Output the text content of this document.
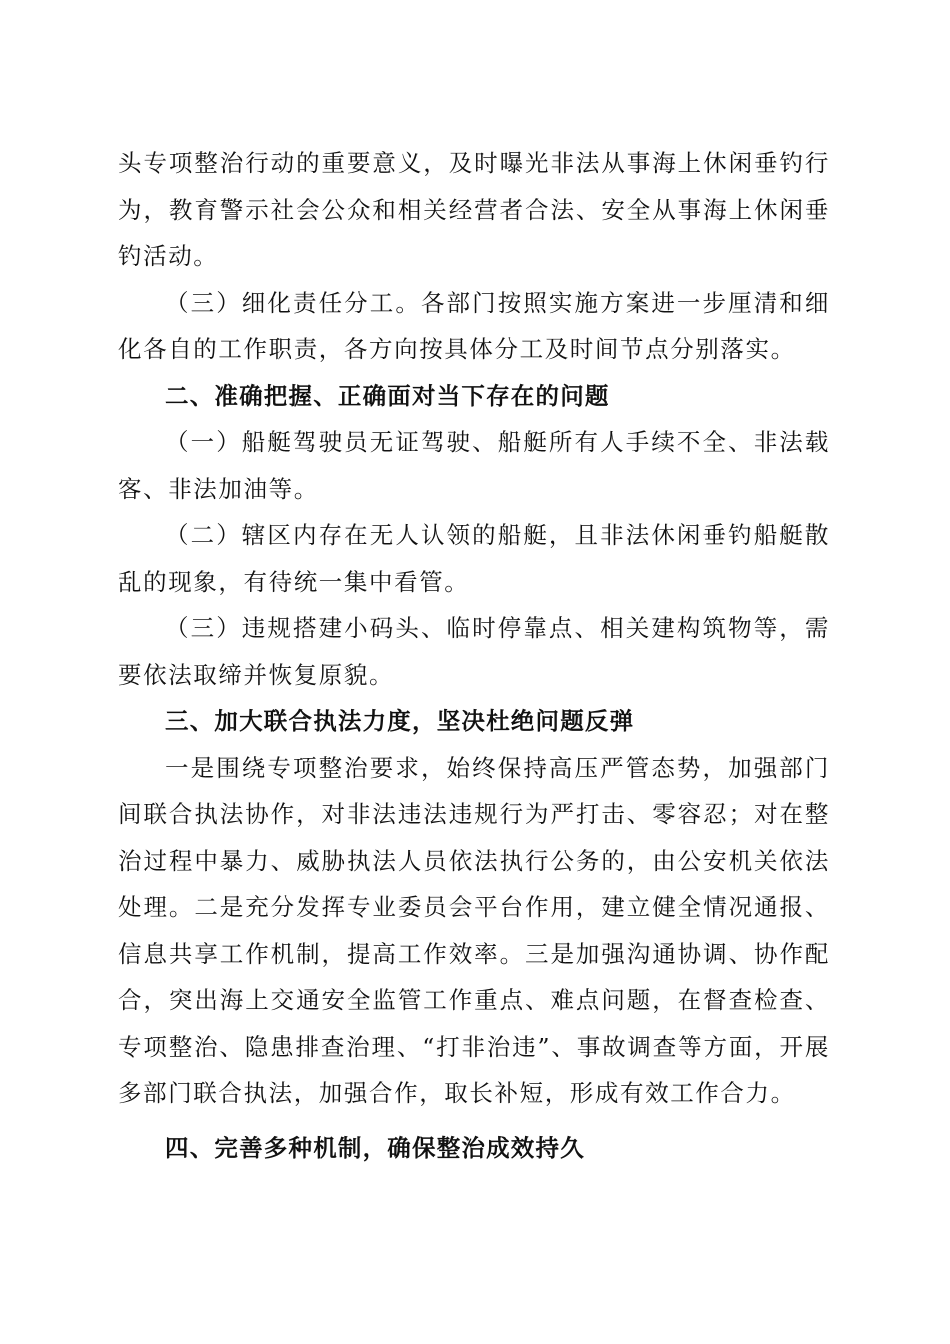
头专项整治行动的重要意义，及时曝光非法从事海上休闲垂钓行为，教育警示社会公众和相关经营者合法、安全从事海上休闲垂钓活动。

（三）细化责任分工。各部门按照实施方案进一步厘清和细化各自的工作职责，各方向按具体分工及时间节点分别落实。

二、准确把握、正确面对当下存在的问题

（一）船艇驾驶员无证驾驶、船艇所有人手续不全、非法载客、非法加油等。

（二）辖区内存在无人认领的船艇，且非法休闲垂钓船艇散乱的现象，有待统一集中看管。

（三）违规搭建小码头、临时停靠点、相关建构筑物等，需要依法取缔并恢复原貌。

三、加大联合执法力度，坚决杜绝问题反弹

一是围绕专项整治要求，始终保持高压严管态势，加强部门间联合执法协作，对非法违法违规行为严打击、零容忍；对在整治过程中暴力、威胁执法人员依法执行公务的，由公安机关依法处理。二是充分发挥专业委员会平台作用，建立健全情况通报、信息共享工作机制，提高工作效率。三是加强沟通协调、协作配合，突出海上交通安全监管工作重点、难点问题，在督查检查、专项整治、隐患排查治理、“打非治违”、事故调查等方面，开展多部门联合执法，加强合作，取长补短，形成有效工作合力。

四、完善多种机制，确保整治成效持久
